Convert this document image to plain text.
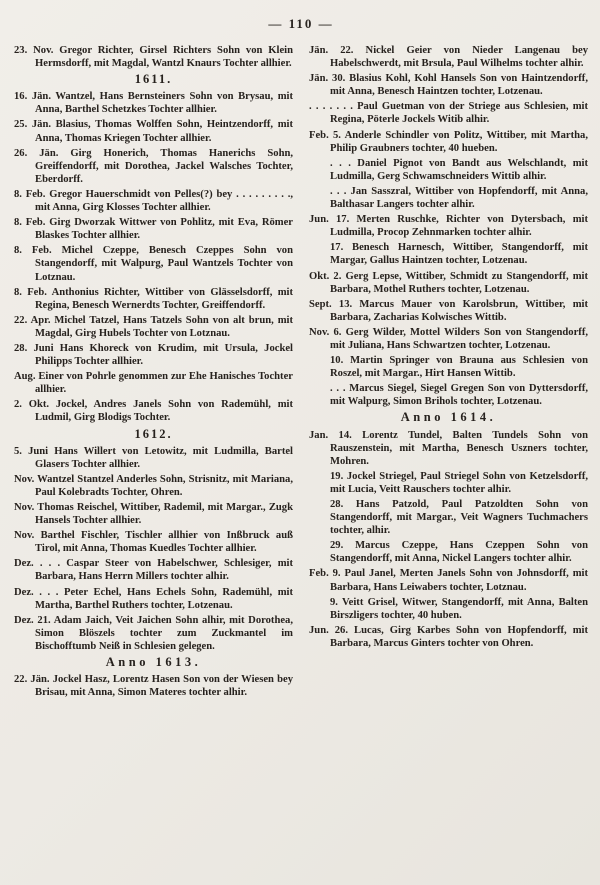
— 110 —
23. Nov. Gregor Richter, Girsel Richters Sohn von Klein Hermsdorff, mit Magdal, Wantzl Knaurs Tochter allhier.
1611.
16. Jän. Wantzel, Hans Bernsteiners Sohn von Brysau, mit Anna, Barthel Schetzkes Tochter allhier.
25. Jän. Blasius, Thomas Wolffen Sohn, Heintzendorff, mit Anna, Thomas Kriegen Tochter allhier.
26. Jän. Girg Honerich, Thomas Hanerichs Sohn, Greiffendorff, mit Dorothea, Jackel Walsches Tochter, Eberdorff.
8. Feb. Gregor Hauerschmidt von Pelles(?) bey . . . . . . . . ., mit Anna, Girg Klosses Tochter allhier.
8. Feb. Girg Dworzak Wittwer von Pohlitz, mit Eva, Römer Blaskes Tochter allhier.
8. Feb. Michel Czeppe, Benesch Czeppes Sohn von Stangendorff, mit Walpurg, Paul Wantzels Tochter von Lotznau.
8. Feb. Anthonius Richter, Wittiber von Glässelsdorff, mit Regina, Benesch Wernerdts Tochter, Greiffendorff.
22. Apr. Michel Tatzel, Hans Tatzels Sohn von alt brun, mit Magdal, Girg Hubels Tochter von Lotznau.
28. Juni Hans Khoreck von Krudim, mit Ursula, Jockel Philipps Tochter allhier.
Aug. Einer von Pohrle genommen zur Ehe Hanisches Tochter allhier.
2. Okt. Jockel, Andres Janels Sohn von Rademühl, mit Ludmil, Girg Blodigs Tochter.
1612.
5. Juni Hans Willert von Letowitz, mit Ludmilla, Bartel Glasers Tochter allhier.
Nov. Wantzel Stantzel Anderles Sohn, Strisnitz, mit Mariana, Paul Kolebradts Tochter, Ohren.
Nov. Thomas Reischel, Wittiber, Rademil, mit Margar., Zugk Hansels Tochter allhier.
Nov. Barthel Fischler, Tischler allhier von Inßbruck auß Tirol, mit Anna, Thomas Kuedles Tochter allhier.
Dez. . . . Caspar Steer von Habelschwer, Schlesiger, mit Barbara, Hans Herrn Millers tochter alhir.
Dez. . . . Peter Echel, Hans Echels Sohn, Rademühl, mit Martha, Barthel Ruthers tochter, Lotzenau.
Dez. 21. Adam Jaich, Veit Jaichen Sohn alhir, mit Dorothea, Simon Blöszels tochter zum Zuckmantel im Bischofftumb Neiß in Schlesien gelegen.
Anno 1613.
22. Jän. Jockel Hasz, Lorentz Hasen Son von der Wiesen bey Brisau, mit Anna, Simon Materes tochter alhir.
Jän. 22. Nickel Geier von Nieder Langenau bey Habelschwerdt, mit Brsula, Paul Wilhelms tochter alhir.
Jän. 30. Blasius Kohl, Kohl Hansels Son von Haintzendorff, mit Anna, Benesch Haintzen tochter, Lotzenau.
. . . . . . . Paul Guetman von der Striege aus Schlesien, mit Regina, Pöterle Jockels Witib alhir.
Feb. 5. Anderle Schindler von Politz, Wittiber, mit Martha, Philip Graubners tochter, 40 hueben.
. . . Daniel Pignot von Bandt aus Welschlandt, mit Ludmilla, Gerg Schwamschneiders Wittib alhir.
. . . Jan Sasszral, Wittiber von Hopfendorff, mit Anna, Balthasar Langers tochter alhir.
Jun. 17. Merten Ruschke, Richter von Dytersbach, mit Ludmilla, Procop Zehnmarken tochter alhir.
17. Benesch Harnesch, Wittiber, Stangendorff, mit Margar, Gallus Haintzen tochter, Lotzenau.
Okt. 2. Gerg Lepse, Wittiber, Schmidt zu Stangendorff, mit Barbara, Mothel Ruthers tochter, Lotzenau.
Sept. 13. Marcus Mauer von Karolsbrun, Wittiber, mit Barbara, Zacharias Kolwisches Wittib.
Nov. 6. Gerg Wilder, Mottel Wilders Son von Stangendorff, mit Juliana, Hans Schwartzen tochter, Lotzenau.
10. Martin Springer von Brauna aus Schlesien von Roszel, mit Margar., Hirt Hansen Wittib.
. . . Marcus Siegel, Siegel Gregen Son von Dyttersdorff, mit Walpurg, Simon Brihols tochter, Lotzenau.
Anno 1614.
Jan. 14. Lorentz Tundel, Balten Tundels Sohn von Rauszenstein, mit Martha, Benesch Uszners tochter, Mohren.
19. Jockel Striegel, Paul Striegel Sohn von Ketzelsdorff, mit Lucia, Veitt Rauschers tochter alhir.
28. Hans Patzold, Paul Patzoldten Sohn von Stangendorff, mit Margar., Veit Wagners Tuchmachers tochter, alhir.
29. Marcus Czeppe, Hans Czeppen Sohn von Stangendorff, mit Anna, Nickel Langers tochter alhir.
Feb. 9. Paul Janel, Merten Janels Sohn von Johnsdorff, mit Barbara, Hans Leiwabers tochter, Lotznau.
9. Veitt Grisel, Witwer, Stangendorff, mit Anna, Balten Birszligers tochter, 40 huben.
Jun. 26. Lucas, Girg Karbes Sohn von Hopfendorff, mit Barbara, Marcus Ginters tochter von Ohren.
